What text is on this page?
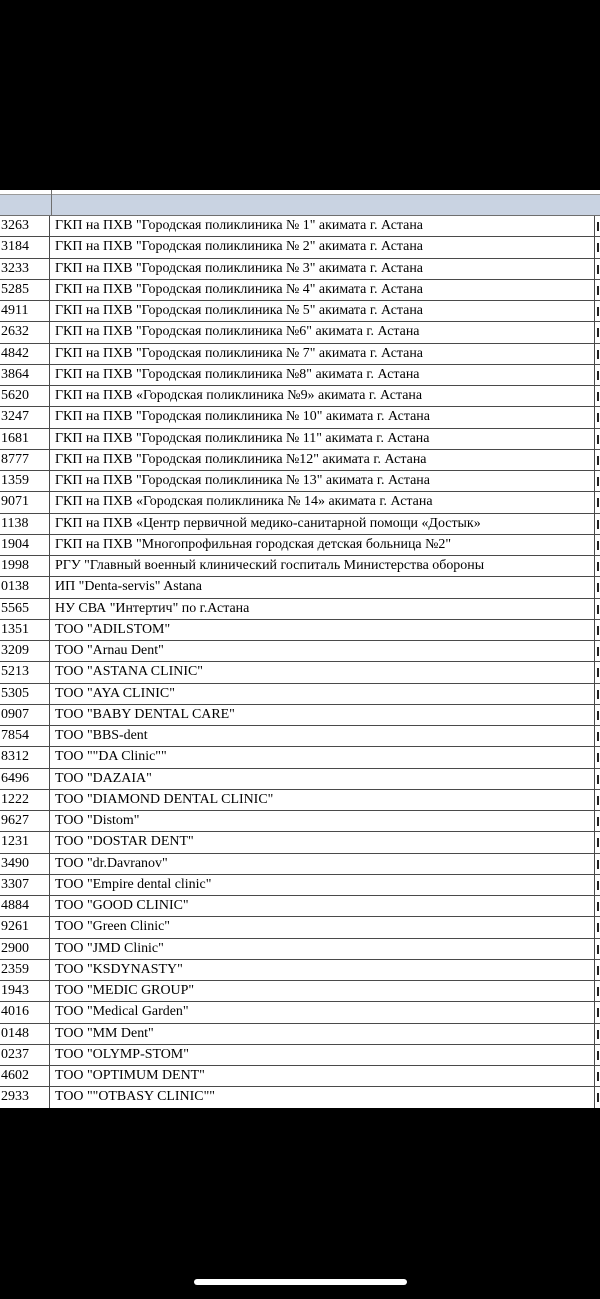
3263	ГКП на ПХВ "Городская поликлиника № 1" акимата г. Астана
3184	ГКП на ПХВ "Городская поликлиника № 2" акимата г. Астана
3233	ГКП на ПХВ "Городская поликлиника № 3" акимата г. Астана
5285	ГКП на ПХВ "Городская поликлиника № 4" акимата г. Астана
4911	ГКП на ПХВ "Городская поликлиника № 5" акимата г. Астана
2632	ГКП на ПХВ "Городская поликлиника №6" акимата г. Астана
4842	ГКП на ПХВ "Городская поликлиника № 7" акимата г. Астана
3864	ГКП на ПХВ "Городская поликлиника №8" акимата г. Астана
5620	ГКП на ПХВ «Городская поликлиника №9» акимата г. Астана
3247	ГКП на ПХВ "Городская поликлиника № 10" акимата г. Астана
1681	ГКП на ПХВ "Городская поликлиника № 11" акимата г. Астана
8777	ГКП на ПХВ "Городская поликлиника №12" акимата г. Астана
1359	ГКП на ПХВ "Городская поликлиника № 13" акимата г. Астана
9071	ГКП на ПХВ «Городская поликлиника № 14» акимата г. Астана
1138	ГКП на ПХВ «Центр первичной медико-санитарной помощи «Достык»
1904	ГКП на ПХВ "Многопрофильная городская детская больница №2"
1998	РГУ "Главный военный клинический госпиталь Министерства обороны
0138	ИП "Denta-servis" Astana
5565	НУ СВА "Интертич" по г.Астана
1351	ТОО "ADILSTOM"
3209	ТОО "Arnau Dent"
5213	ТОО "ASTANA CLINIC"
5305	ТОО "AYA CLINIC"
0907	ТОО "BABY DENTAL CARE"
7854	ТОО "BBS-dent
8312	ТОО ""DA Clinic""
6496	ТОО "DAZAIA"
1222	ТОО "DIAMOND DENTAL CLINIC"
9627	ТОО "Distom"
1231	ТОО "DOSTAR DENT"
3490	ТОО "dr.Davranov"
3307	ТОО "Empire dental clinic"
4884	ТОО "GOOD CLINIC"
9261	ТОО "Green Clinic"
2900	ТОО "JMD Clinic"
2359	ТОО "KSDYNASTY"
1943	ТОО "MEDIC GROUP"
4016	ТОО "Medical Garden"
0148	ТОО "MM Dent"
0237	ТОО "OLYMP-STOM"
4602	ТОО "OPTIMUM DENT"
2933	ТОО ""OTBASY CLINIC""
